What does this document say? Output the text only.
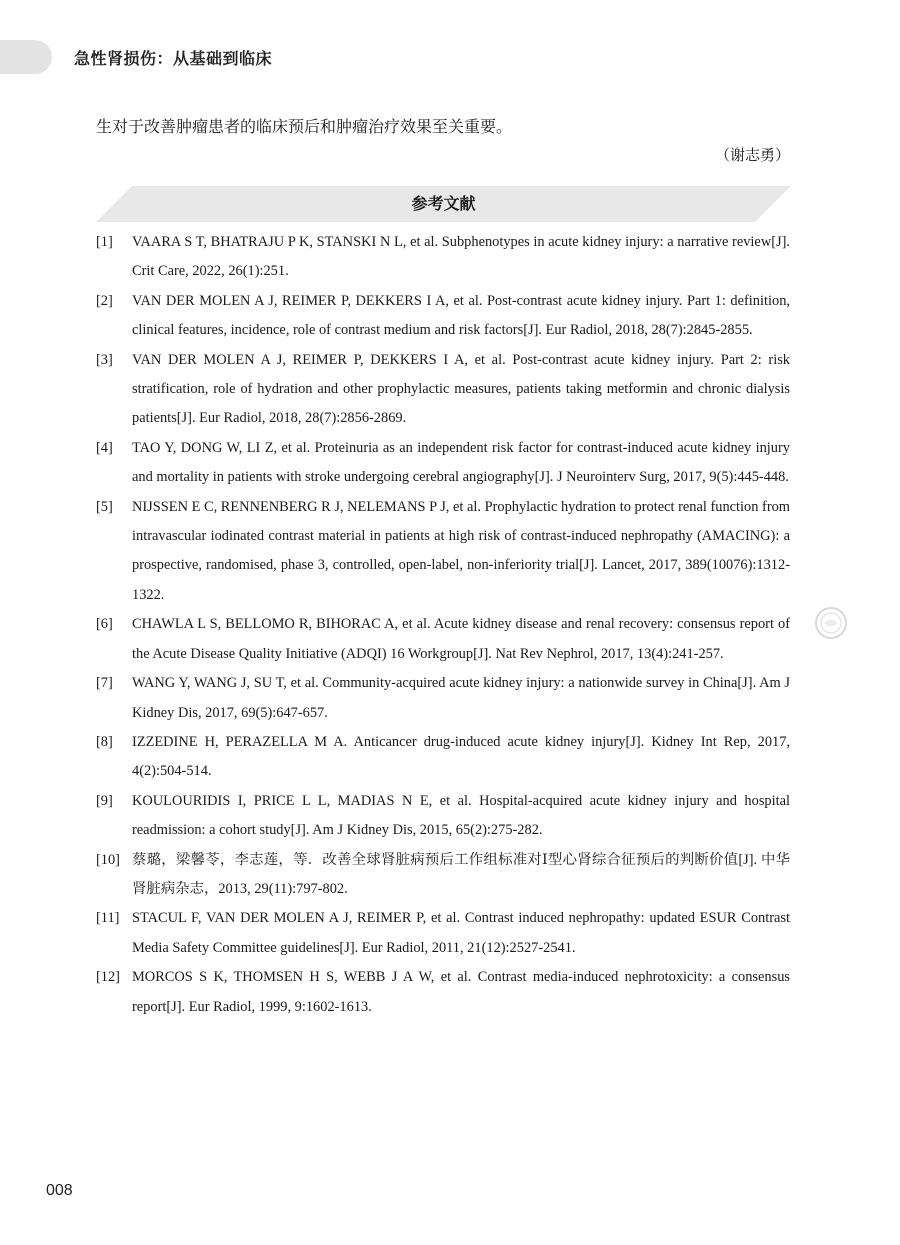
急性肾损伤：从基础到临床
生对于改善肿瘤患者的临床预后和肿瘤治疗效果至关重要。
（谢志勇）
参考文献
[1]	VAARA S T, BHATRAJU P K, STANSKI N L, et al. Subphenotypes in acute kidney injury: a narrative review[J]. Crit Care, 2022, 26(1):251.
[2]	VAN DER MOLEN A J, REIMER P, DEKKERS I A, et al. Post-contrast acute kidney injury. Part 1: definition, clinical features, incidence, role of contrast medium and risk factors[J]. Eur Radiol, 2018, 28(7):2845-2855.
[3]	VAN DER MOLEN A J, REIMER P, DEKKERS I A, et al. Post-contrast acute kidney injury. Part 2: risk stratification, role of hydration and other prophylactic measures, patients taking metformin and chronic dialysis patients[J]. Eur Radiol, 2018, 28(7):2856-2869.
[4]	TAO Y, DONG W, LI Z, et al. Proteinuria as an independent risk factor for contrast-induced acute kidney injury and mortality in patients with stroke undergoing cerebral angiography[J]. J Neurointerv Surg, 2017, 9(5):445-448.
[5]	NIJSSEN E C, RENNENBERG R J, NELEMANS P J, et al. Prophylactic hydration to protect renal function from intravascular iodinated contrast material in patients at high risk of contrast-induced nephropathy (AMACING): a prospective, randomised, phase 3, controlled, open-label, non-inferiority trial[J]. Lancet, 2017, 389(10076):1312-1322.
[6]	CHAWLA L S, BELLOMO R, BIHORAC A, et al. Acute kidney disease and renal recovery: consensus report of the Acute Disease Quality Initiative (ADQI) 16 Workgroup[J]. Nat Rev Nephrol, 2017, 13(4):241-257.
[7]	WANG Y, WANG J, SU T, et al. Community-acquired acute kidney injury: a nationwide survey in China[J]. Am J Kidney Dis, 2017, 69(5):647-657.
[8]	IZZEDINE H, PERAZELLA M A. Anticancer drug-induced acute kidney injury[J]. Kidney Int Rep, 2017, 4(2):504-514.
[9]	KOULOURIDIS I, PRICE L L, MADIAS N E, et al. Hospital-acquired acute kidney injury and hospital readmission: a cohort study[J]. Am J Kidney Dis, 2015, 65(2):275-282.
[10] 蔡璐，梁馨苓，李志莲，等．改善全球肾脏病预后工作组标准对Ⅰ型心肾综合征预后的判断价值[J]. 中华肾脏病杂志，2013, 29(11):797-802.
[11] STACUL F, VAN DER MOLEN A J, REIMER P, et al. Contrast induced nephropathy: updated ESUR Contrast Media Safety Committee guidelines[J]. Eur Radiol, 2011, 21(12):2527-2541.
[12] MORCOS S K, THOMSEN H S, WEBB J A W, et al. Contrast media-induced nephrotoxicity: a consensus report[J]. Eur Radiol, 1999, 9:1602-1613.
008
